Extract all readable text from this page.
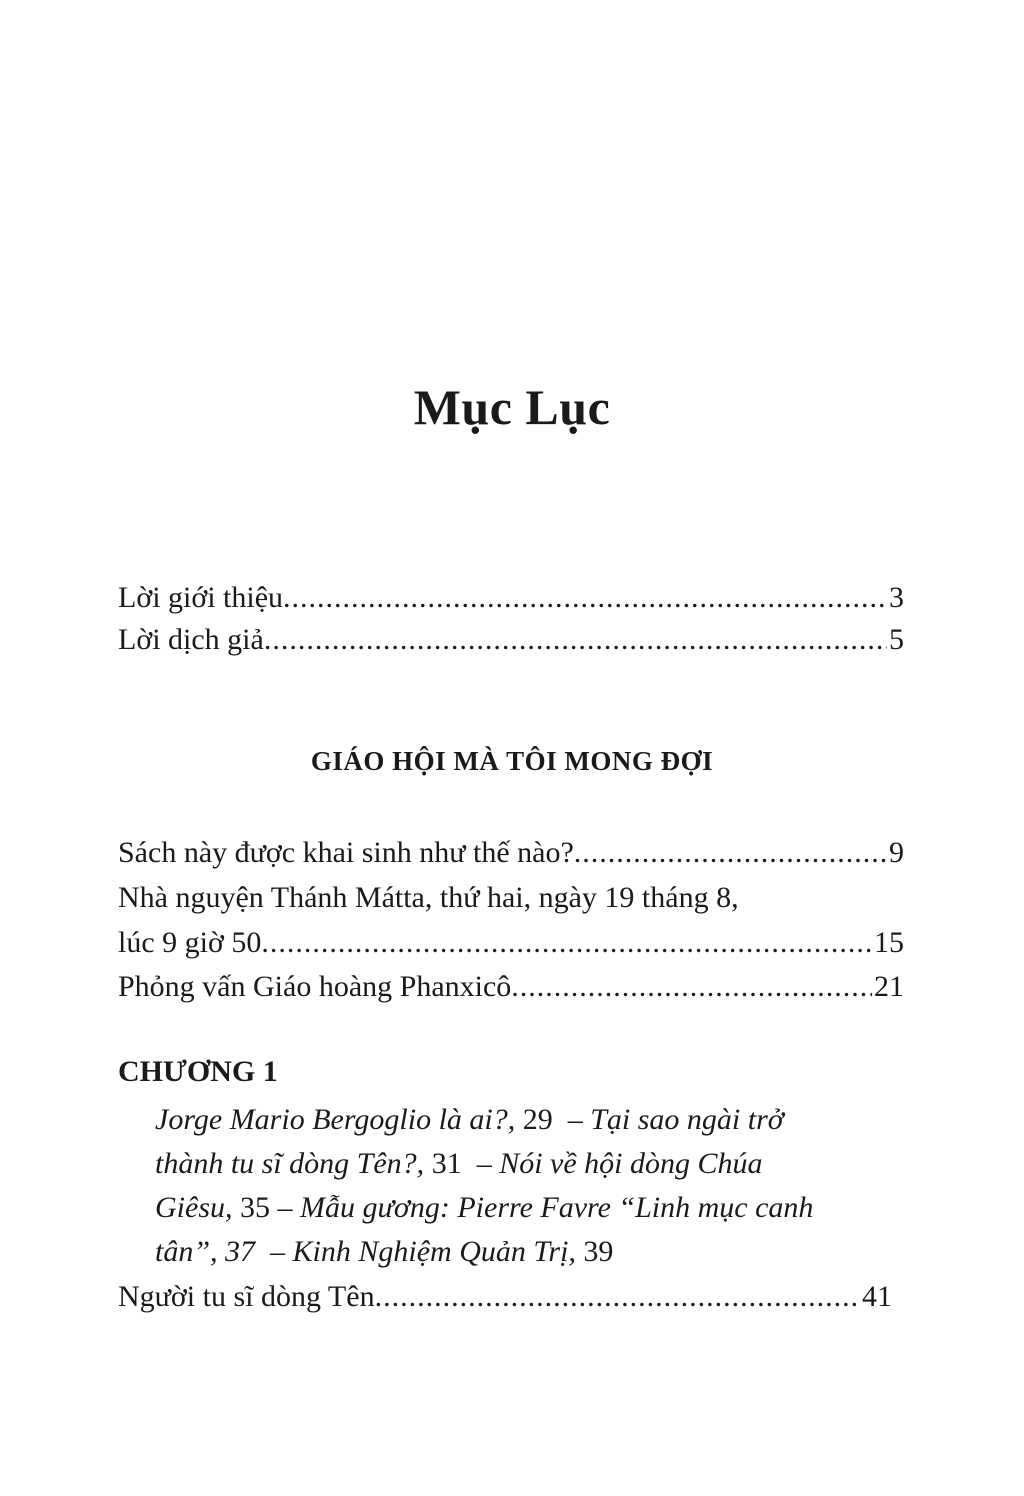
Mục Lục
Lời giới thiệu .....	3
Lời dịch giả .....	5
GIÁO HỘI MÀ TÔI MONG ĐỢI
Sách này được khai sinh như thế nào? .....	9
Nhà nguyện Thánh Mátta, thứ hai, ngày 19 tháng 8,
lúc 9 giờ 50 .....	15
Phỏng vấn Giáo hoàng Phanxicô .....	21
CHƯƠNG 1
Jorge Mario Bergoglio là ai?, 29 – Tại sao ngài trở
thành tu sĩ dòng Tên?, 31 – Nói về hội dòng Chúa
Giêsu, 35 – Mẫu gương: Pierre Favre “Linh mục canh
tân”, 37 – Kinh Nghiệm Quản Trị, 39
Người tu sĩ dòng Tên .....	41
